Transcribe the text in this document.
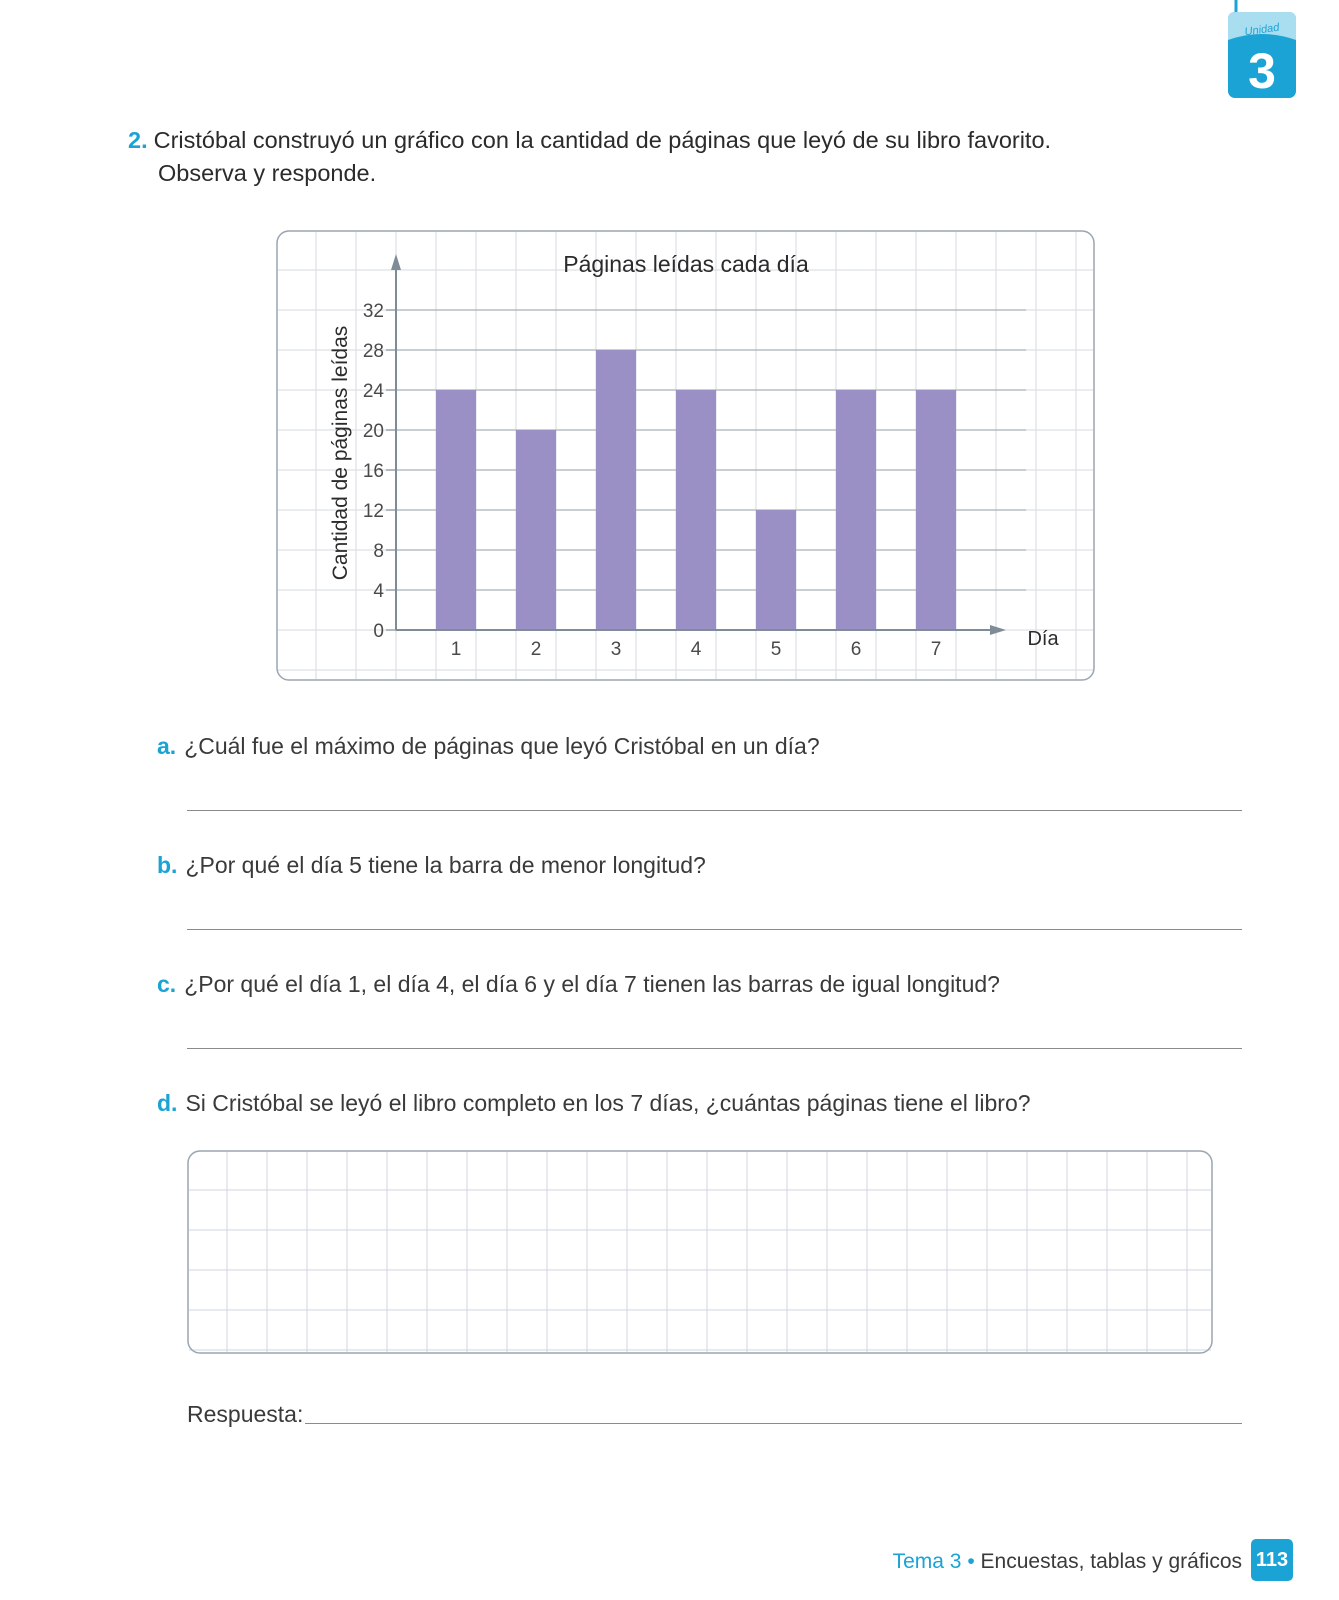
Unidad
3
2. Cristóbal construyó un gráfico con la cantidad de páginas que leyó de su libro favorito.
Observa y responde.
0
4
8
12
16
20
24
28
32
1	2	3	4	5	6	7
Páginas leídas cada día
Cantidad de páginas leídas
Día
a. ¿Cuál fue el máximo de páginas que leyó Cristóbal en un día?
b. ¿Por qué el día 5 tiene la barra de menor longitud?
c. ¿Por qué el día 1, el día 4, el día 6 y el día 7 tienen las barras de igual longitud?
d. Si Cristóbal se leyó el libro completo en los 7 días, ¿cuántas páginas tiene el libro?
Respuesta:
Tema 3 • Encuestas, tablas y gráficos 113
